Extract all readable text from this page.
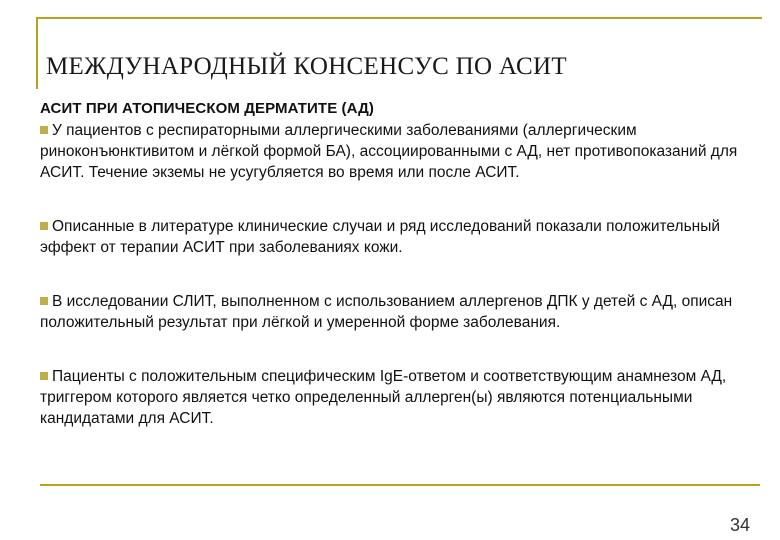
МЕЖДУНАРОДНЫЙ КОНСЕНСУС ПО АСИТ
АСИТ ПРИ АТОПИЧЕСКОМ ДЕРМАТИТЕ (АД)

У пациентов с респираторными аллергическими заболеваниями (аллергическим риноконъюнктивитом и лёгкой формой БА), ассоциированными с АД, нет противопоказаний для АСИТ. Течение экземы не усугубляется во время или после АСИТ.

Описанные в литературе клинические случаи и ряд исследований показали положительный эффект от терапии АСИТ при заболеваниях кожи.

В исследовании СЛИТ, выполненном с использованием аллергенов ДПК у детей с АД, описан положительный результат при лёгкой и умеренной форме заболевания.

Пациенты с положительным специфическим IgE-ответом и соответствующим анамнезом АД, триггером которого является четко определенный аллерген(ы) являются потенциальными кандидатами для АСИТ.

34
